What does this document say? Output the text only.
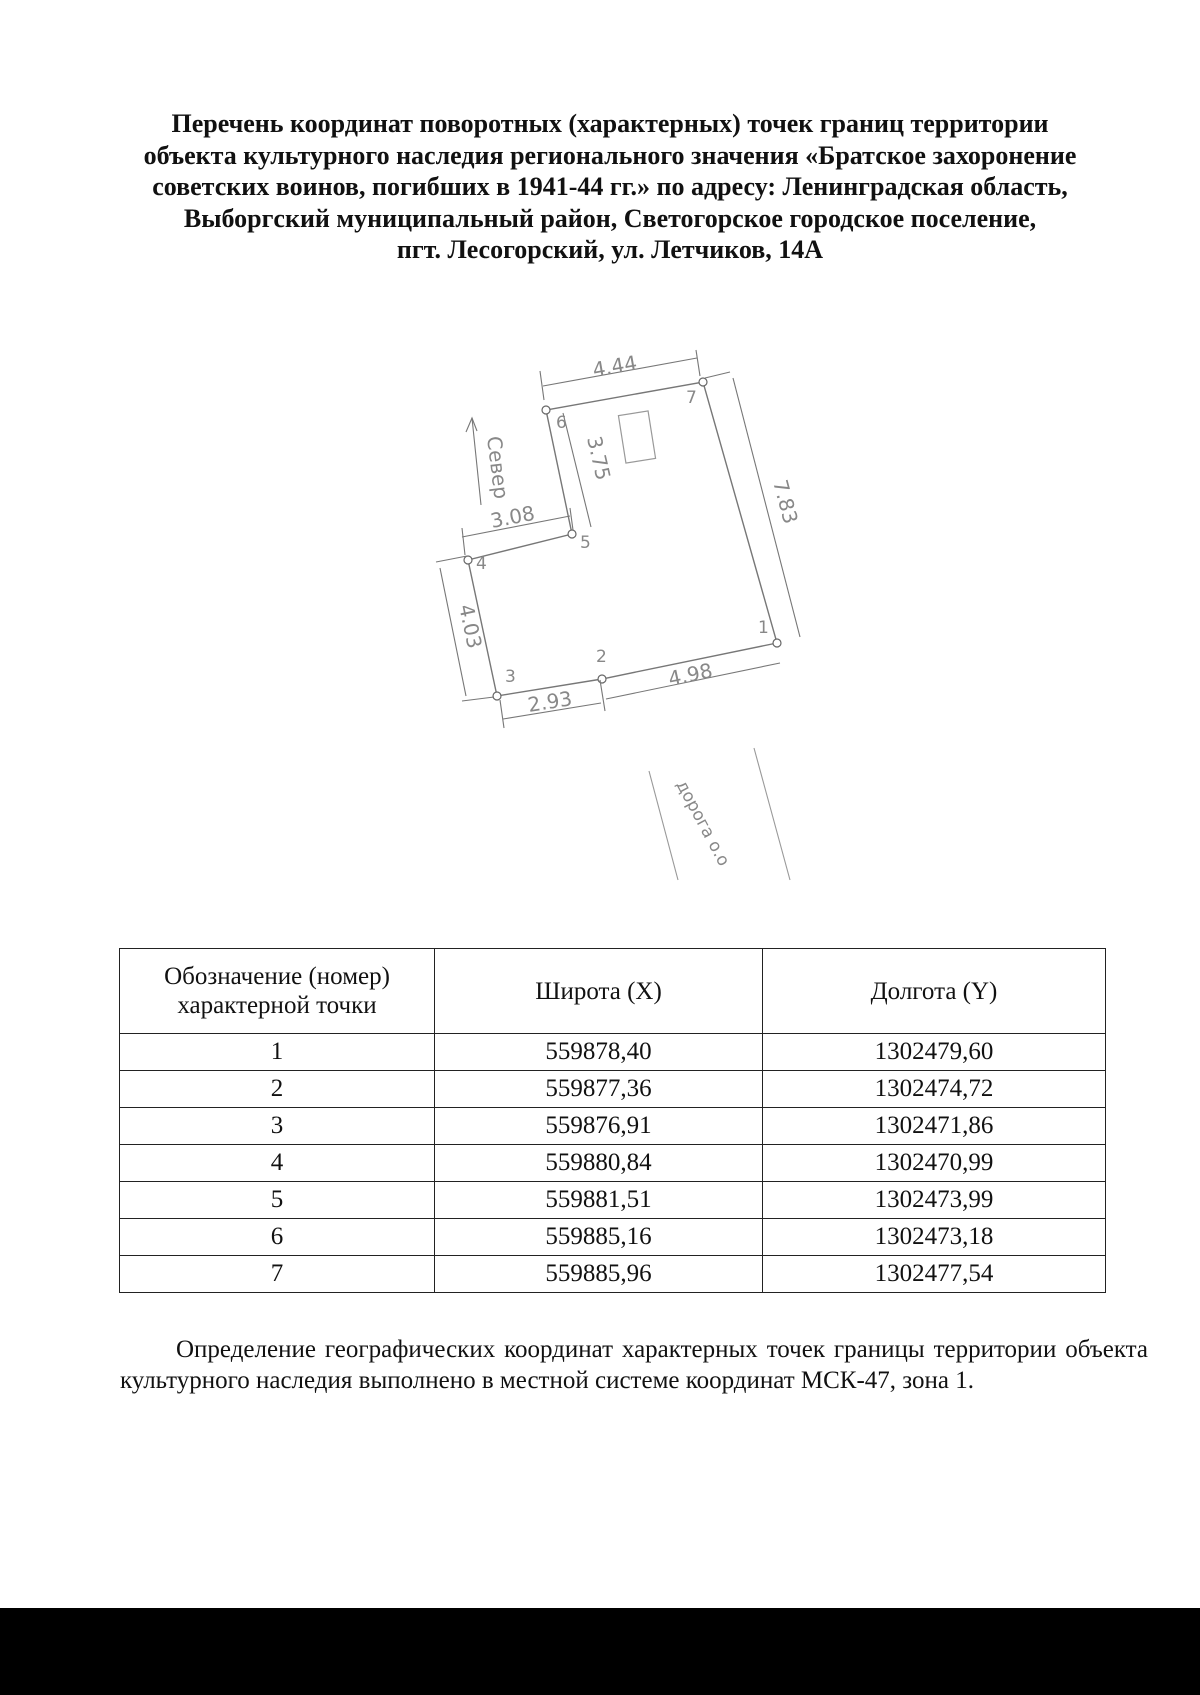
Перечень координат поворотных (характерных) точек границ территории
объекта культурного наследия регионального значения «Братское захоронение
советских воинов, погибших в 1941-44 гг.» по адресу: Ленинградская область,
Выборгский муниципальный район, Светогорское городское поселение,
пгт. Лесогорский, ул. Летчиков, 14А
Север
дорога о.о
1
2
3
4
5
6
7
4.44
3.75
3.08
4.03
2.93
4.98
7.83
Обозначение (номер)
характерной точки	Широта (X)	Долгота (Y)
1	559878,40	1302479,60
2	559877,36	1302474,72
3	559876,91	1302471,86
4	559880,84	1302470,99
5	559881,51	1302473,99
6	559885,16	1302473,18
7	559885,96	1302477,54

Определение географических координат характерных точек границы территории объекта культурного наследия выполнено в местной системе координат МСК-47, зона 1.
